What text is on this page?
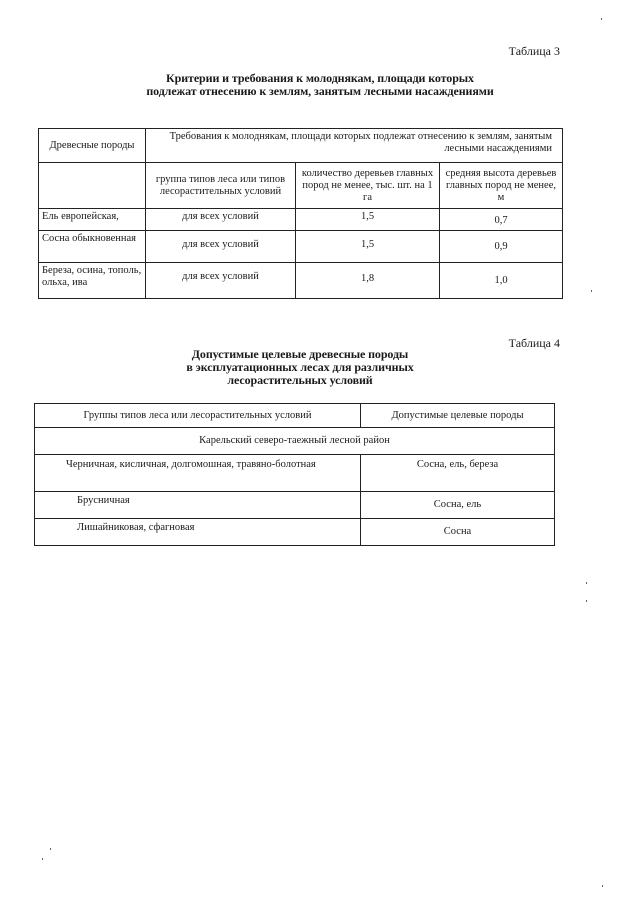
Таблица 3
Критерии и требования к молоднякам, площади которых
подлежат отнесению к землям, занятым лесными насаждениями
Древесные породы	Требования к молоднякам, площади которых подлежат отнесению к землям, занятым лесными насаждениями		
	группа типов леса или типов лесорастительных условий	количество деревьев главных пород не менее, тыс. шт. на 1 га	средняя высота деревьев главных пород не менее, м
Ель европейская,	для всех условий	1,5	0,7
Сосна обыкновенная	для всех условий	1,5	0,9
Береза, осина, тополь, ольха, ива	для всех условий	1,8	1,0
Таблица 4
Допустимые целевые древесные породы
в эксплуатационных лесах для различных
лесорастительных условий
Группы типов леса или лесорастительных условий	Допустимые целевые породы
Карельский северо-таежный лесной район	
Черничная, кисличная, долгомошная, травяно-болотная	Сосна, ель, береза
Брусничная	Сосна, ель
Лишайниковая, сфагновая	Сосна
